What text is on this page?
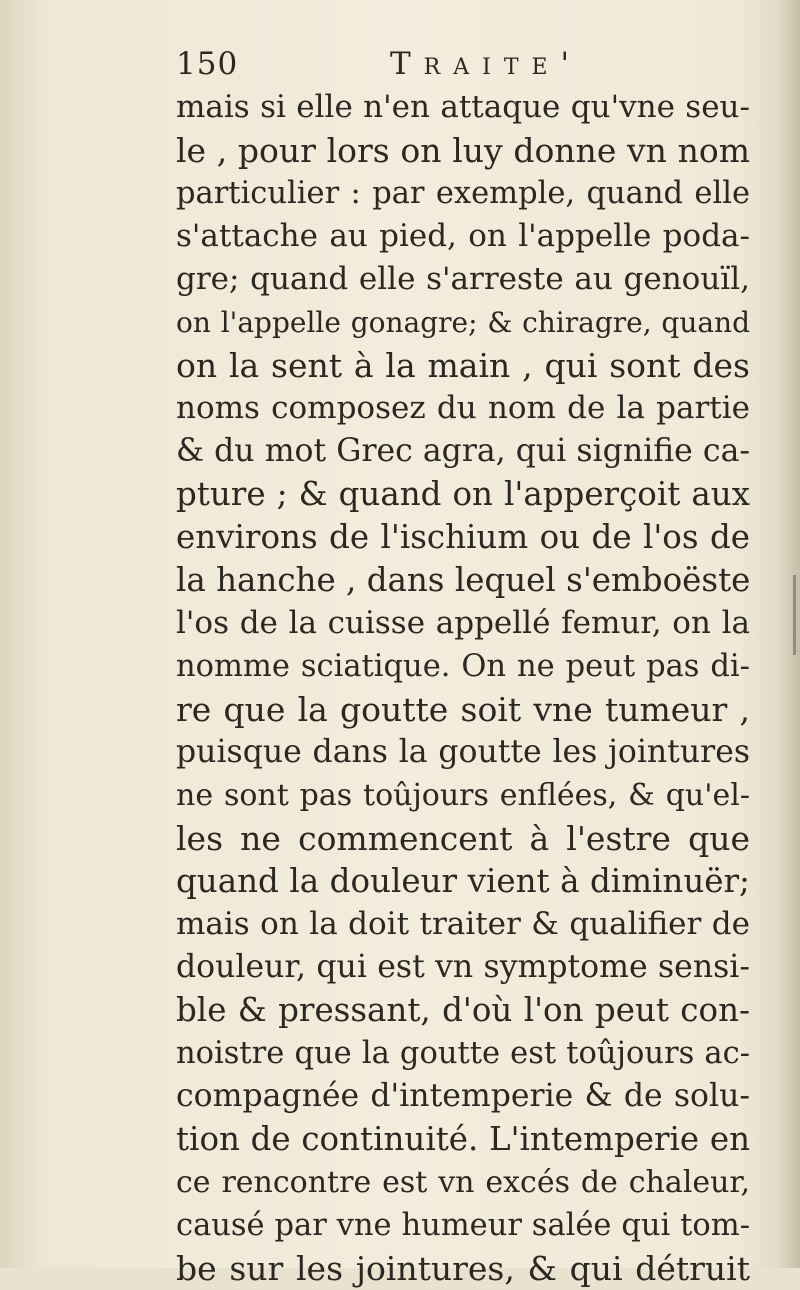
150	Traite'
mais si elle n'en attaque qu'vne seu-
le , pour lors on luy donne vn nom
particulier : par exemple, quand elle
s'attache au pied, on l'appelle poda-
gre; quand elle s'arreste au genouïl,
on l'appelle gonagre; & chiragre, quand
on la sent à la main , qui sont des
noms composez du nom de la partie
& du mot Grec agra, qui signifie ca-
pture ; & quand on l'apperçoit aux
environs de l'ischium ou de l'os de
la hanche , dans lequel s'emboëste
l'os de la cuisse appellé femur, on la
nomme sciatique. On ne peut pas di-
re que la goutte soit vne tumeur ,
puisque dans la goutte les jointures
ne sont pas toûjours enflées, & qu'el-
les ne commencent à l'estre que
quand la douleur vient à diminuër;
mais on la doit traiter & qualifier de
douleur, qui est vn symptome sensi-
ble & pressant, d'où l'on peut con-
noistre que la goutte est toûjours ac-
compagnée d'intemperie & de solu-
tion de continuité. L'intemperie en
ce rencontre est vn excés de chaleur,
causé par vne humeur salée qui tom-
be sur les jointures, & qui détruit
